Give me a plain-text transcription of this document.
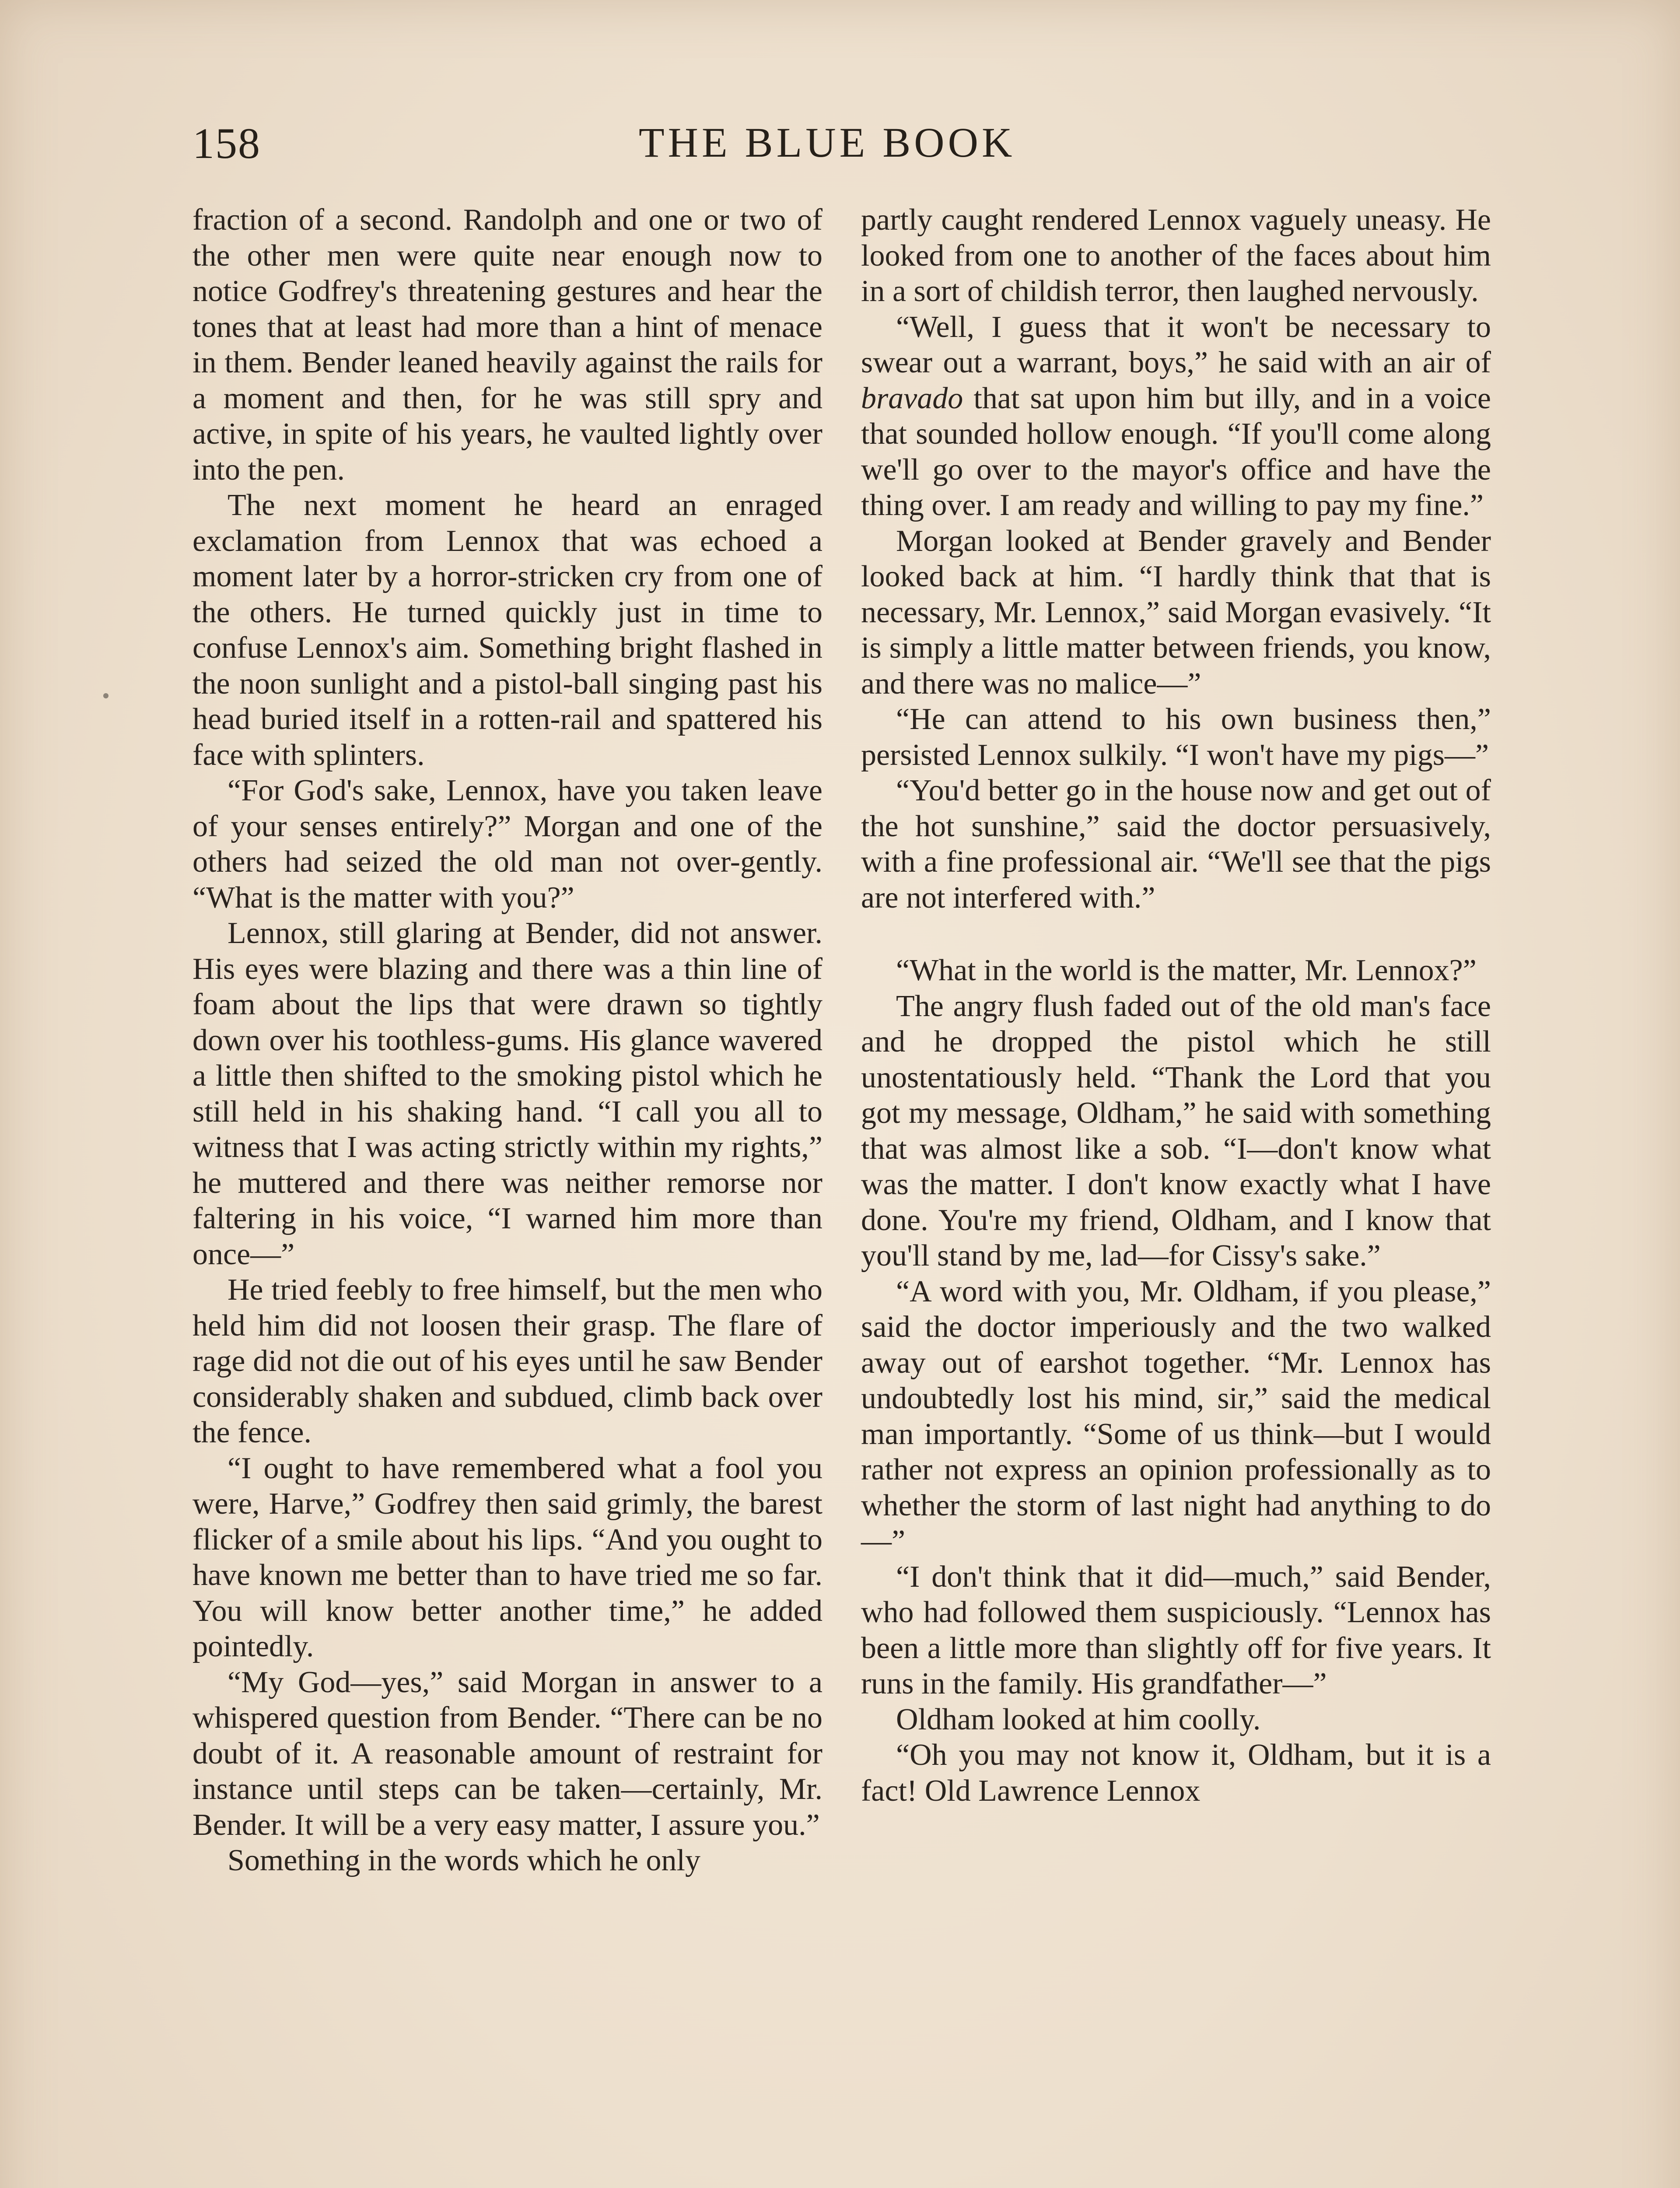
158	THE BLUE BOOK

fraction of a second. Randolph and one or two of the other men were quite near enough now to notice Godfrey's threatening gestures and hear the tones that at least had more than a hint of menace in them. Bender leaned heavily against the rails for a moment and then, for he was still spry and active, in spite of his years, he vaulted lightly over into the pen.

The next moment he heard an enraged exclamation from Lennox that was echoed a moment later by a horror-stricken cry from one of the others. He turned quickly just in time to confuse Lennox's aim. Something bright flashed in the noon sunlight and a pistol-ball singing past his head buried itself in a rotten-rail and spattered his face with splinters.

“For God's sake, Lennox, have you taken leave of your senses entirely?” Morgan and one of the others had seized the old man not over-gently. “What is the matter with you?”

Lennox, still glaring at Bender, did not answer. His eyes were blazing and there was a thin line of foam about the lips that were drawn so tightly down over his toothless-gums. His glance wavered a little then shifted to the smoking pistol which he still held in his shaking hand. “I call you all to witness that I was acting strictly within my rights,” he muttered and there was neither remorse nor faltering in his voice, “I warned him more than once—”

He tried feebly to free himself, but the men who held him did not loosen their grasp. The flare of rage did not die out of his eyes until he saw Bender considerably shaken and subdued, climb back over the fence.

“I ought to have remembered what a fool you were, Harve,” Godfrey then said grimly, the barest flicker of a smile about his lips. “And you ought to have known me better than to have tried me so far. You will know better another time,” he added pointedly.

“My God—yes,” said Morgan in answer to a whispered question from Bender. “There can be no doubt of it. A reasonable amount of restraint for instance until steps can be taken—certainly, Mr. Bender. It will be a very easy matter, I assure you.”

Something in the words which he only

partly caught rendered Lennox vaguely uneasy. He looked from one to another of the faces about him in a sort of childish terror, then laughed nervously.

“Well, I guess that it won't be necessary to swear out a warrant, boys,” he said with an air of bravado that sat upon him but illy, and in a voice that sounded hollow enough. “If you'll come along we'll go over to the mayor's office and have the thing over. I am ready and willing to pay my fine.”

Morgan looked at Bender gravely and Bender looked back at him. “I hardly think that that is necessary, Mr. Lennox,” said Morgan evasively. “It is simply a little matter between friends, you know, and there was no malice—”

“He can attend to his own business then,” persisted Lennox sulkily. “I won't have my pigs—”

“You'd better go in the house now and get out of the hot sunshine,” said the doctor persuasively, with a fine professional air. “We'll see that the pigs are not interfered with.”

“What in the world is the matter, Mr. Lennox?”

The angry flush faded out of the old man's face and he dropped the pistol which he still unostentatiously held. “Thank the Lord that you got my message, Oldham,” he said with something that was almost like a sob. “I—don't know what was the matter. I don't know exactly what I have done. You're my friend, Oldham, and I know that you'll stand by me, lad—for Cissy's sake.”

“A word with you, Mr. Oldham, if you please,” said the doctor imperiously and the two walked away out of earshot together. “Mr. Lennox has undoubtedly lost his mind, sir,” said the medical man importantly. “Some of us think—but I would rather not express an opinion professionally as to whether the storm of last night had anything to do—”

“I don't think that it did—much,” said Bender, who had followed them suspiciously. “Lennox has been a little more than slightly off for five years. It runs in the family. His grandfather—”

Oldham looked at him coolly.

“Oh you may not know it, Oldham, but it is a fact! Old Lawrence Lennox
